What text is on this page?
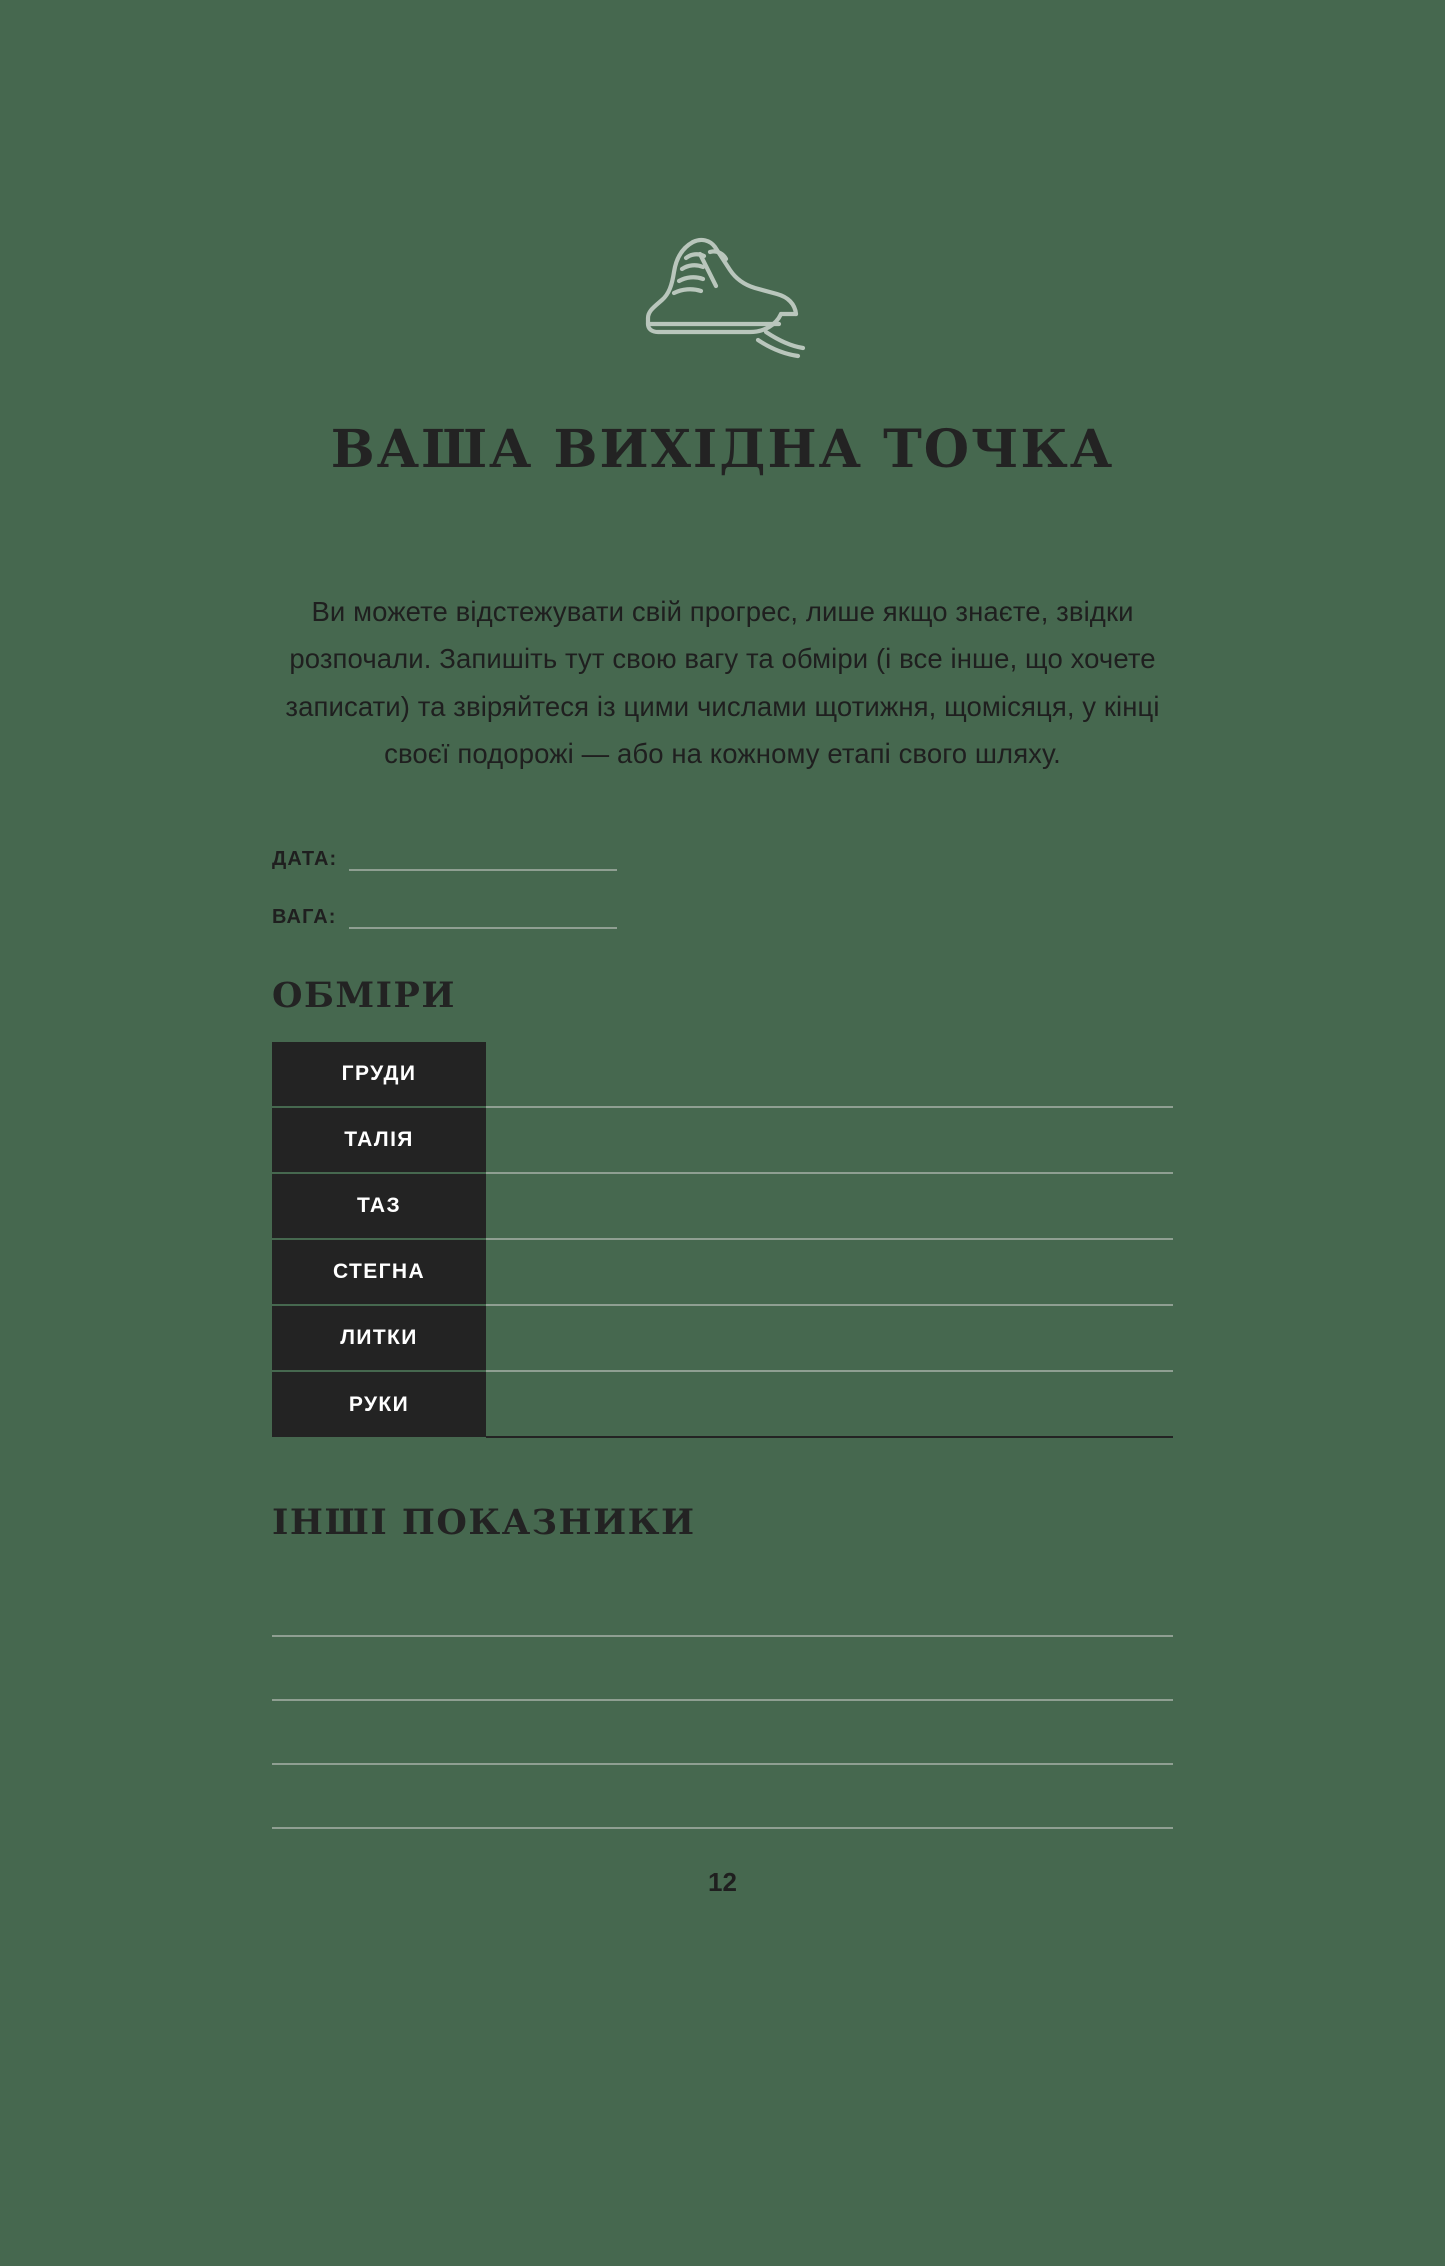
ВАША ВИХІДНА ТОЧКА

Ви можете відстежувати свій прогрес, лише якщо знаєте, звідки розпочали. Запишіть тут свою вагу та обміри (і все інше, що хочете записати) та звіряйтеся із цими числами щотижня, щомісяця, у кінці своєї подорожі — або на кожному етапі свого шляху.

ДАТА:
ВАГА:
ОБМІРИ
ГРУДИ	
ТАЛІЯ	
ТАЗ	
СТЕГНА	
ЛИТКИ	
РУКИ	
ІНШІ ПОКАЗНИКИ
12
